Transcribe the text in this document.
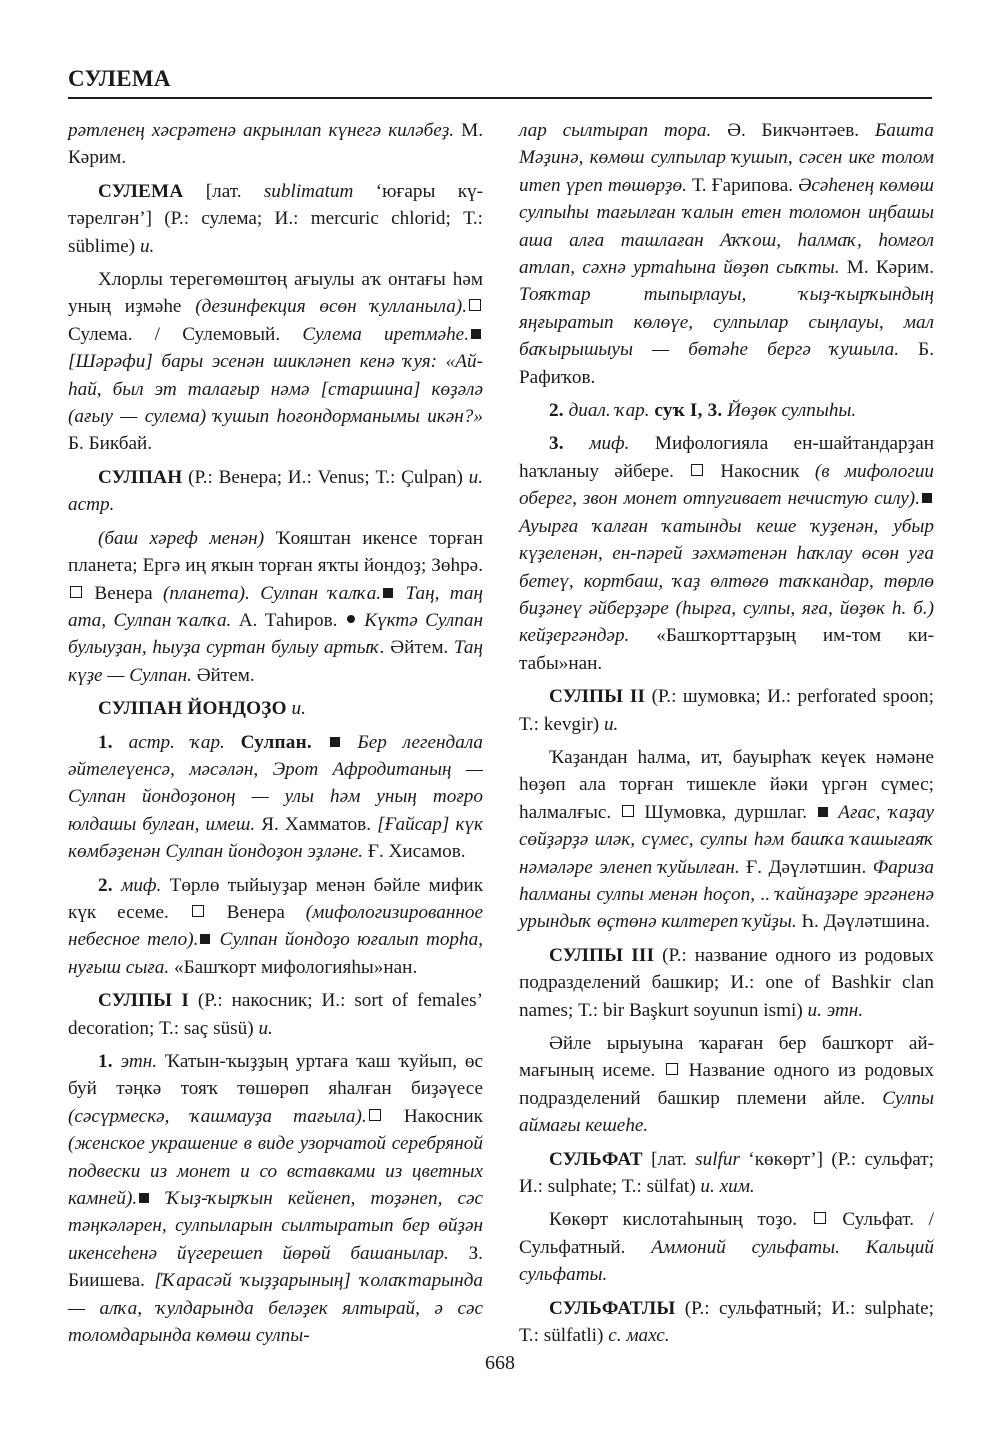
СУЛЕМА

рәтленең хәсрәтенә акрынлап күнегә киләбеҙ. М. Кәрим.

СУЛЕМА [лат. sublimatum ‘юғары күтәрелгән’] (Р.: сулема; И.: mercuric chlorid; Т.: süblime) и.

Хлорлы терегөмөштөң ағыулы аҡ онтағы һәм уның иҙмәһе (дезинфекция өсөн ҡулланыла). Сулема. / Сулемовый. Сулема иретмәһе. [Шәрәфи] бары эсенән шикләнеп кенә ҡуя: «Ай-һай, был эт талағыр нәмә [старшина] көҙәлә (ағыу — сулема) ҡушып һоғондорманымы икән?» Б. Бикбай.

СУЛПАН (Р.: Венера; И.: Venus; Т.: Çulpan) и. астр.

(баш хәреф менән) Ҡояштан икенсе торған планета; Ергә иң яҡын торған яҡты йондоҙ; Зөһрә.  Венера (планета). Сулпан ҡалҡа. Таң, таң ата, Сулпан ҡалҡа. А. Таһиров.  Күктә Сулпан булыуҙан, һыуҙа суртан булыу артыҡ. Әйтем. Таң күҙе — Сулпан. Әйтем.

СУЛПАН ЙОНДОҘО и.

1. астр. ҡар. Сулпан.  Бер легендала әйтелеүенсә, мәсәлән, Эрот Афродитаның — Сулпан йондоҙоноң — улы һәм уның тоғро юлдашы булған, имеш. Я. Хамматов. [Ғайсар] күк көмбәҙенән Сулпан йондоҙон эҙләне. Ғ. Хисамов.

2. миф. Төрлө тыйыуҙар менән бәйле мифик күк есеме.  Венера (мифологизированное небесное тело). Сулпан йондоҙо юғалып торһа, нуғыш сыға. «Башҡорт мифологияһы»нан.

СУЛПЫ I (Р.: накосник; И.: sort of females’ decoration; Т.: saç süsü) и.

1. этн. Ҡатын-ҡыҙҙың уртаға ҡаш ҡуйып, өс буй тәңкә тояҡ төшөрөп яһалған биҙәүесе (сәсүрмескә, ҡашмауҙа тағыла). Накосник (женское украшение в виде узорчатой серебряной подвески из монет и со вставками из цветных камней). Ҡыҙ-ҡырҡын кейенеп, тоҙәнеп, сәс тәңкәләрен, сулпыларын сылтыратып бер өйҙән икенсеһенә йүгерешеп йөрөй башанылар. З. Биишева. [Ҡарасәй ҡыҙҙарының] ҡолаҡтарында — алҡа, ҡулдарында беләҙек ялтырай, ә сәс толомдарында көмөш сулпы-

лар сылтырап тора. Ә. Бикчәнтәев. Башта Мәҙинә, көмөш сулпылар ҡушып, сәсен ике толом итеп үреп төшөрҙө. Т. Ғарипова. Әсәһенең көмөш сулпыһы тағылған ҡалын етен толомон иңбашы аша алға ташлаған Аҡҡош, һалмаҡ, һомғол атлап, сәхнә уртаһына йөҙөп сыҡты. М. Кәрим. Тояҡтар тыпырлауы, ҡыҙ-ҡырҡындың яңғыратып көлөүе, сулпылар сыңлауы, мал баҡырышыуы — бөтәһе бергә ҡушыла. Б. Рафиҡов.

2. диал. ҡар. суҡ I, 3. Йөҙөк сулпыһы.

3. миф. Мифологияла ен-шайтандарҙан һаҡланыу әйбере.  Накосник (в мифологии оберег, звон монет отпугивает нечистую силу). Ауырға ҡалған ҡатынды кеше ҡуҙенән, убыр күҙеленән, ен-пәрей зәхмәтенән һаҡлау өсөн уға бетеү, кортбаш, ҡаҙ өлтөгө таҡкандар, төрлө биҙәнеү әйберҙәре (һырға, сулпы, яға, йөҙөк һ. б.) кейҙергәндәр. «Башҡорттарҙың им-том китабы»нан.

СУЛПЫ II (Р.: шумовка; И.: perforated spoon; Т.: kevgir) и.

Ҡаҙандан һалма, ит, бауырһаҡ кеүек нәмәне һөҙөп ала торған тишекле йәки үргән сүмес; һалмалғыс.  Шумовка, дуршлаг.  Ағас, ҡаҙау сөйҙәрҙә иләк, сүмес, сулпы һәм башҡа ҡашығаяҡ нәмәләре эленеп ҡуйылған. Ғ. Дәүләтшин. Фариза һалманы сулпы менән һоҫоп, .. ҡайнаҙәре эргәненә урындыҡ өҫтөнә килтереп ҡуйҙы. Һ. Дәүләтшина.

СУЛПЫ III (Р.: название одного из родовых подразделений башкир; И.: one of Bashkir clan names; Т.: bir Başkurt soyunun ismi) и. этн.

Әйле ырыуына ҡараған бер башҡорт аймағының исеме.  Название одного из родовых подразделений башкир племени айле. Сулпы аймағы кешеһе.

СУЛЬФАТ [лат. sulfur ‘көкөрт’] (Р.: сульфат; И.: sulphate; Т.: sülfat) и. хим.

Көкөрт кислотаһының тоҙо.  Сульфат. / Сульфатный. Аммоний сульфаты. Кальций сульфаты.

СУЛЬФАТЛЫ (Р.: сульфатный; И.: sulphate; Т.: sülfatli) с. махс.

668
